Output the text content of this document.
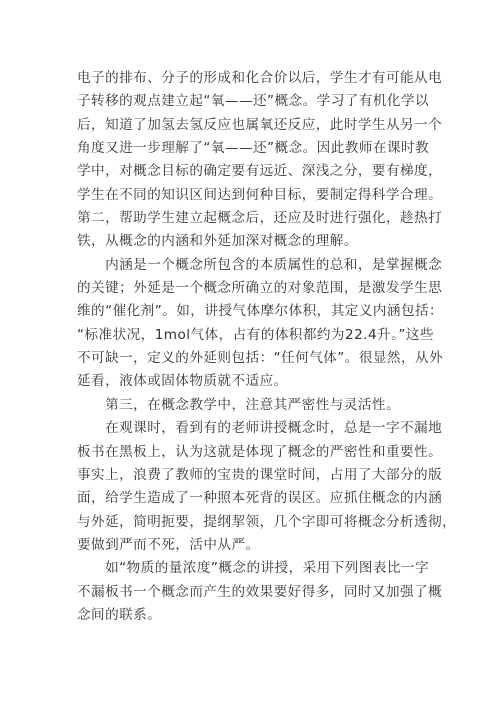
电子的排布、分子的形成和化合价以后，学生才有可能从电
子转移的观点建立起“氧——还”概念。学习了有机化学以
后，知道了加氢去氢反应也属氧还反应，此时学生从另一个
角度又进一步理解了“氧——还”概念。因此教师在课时教
学中，对概念目标的确定要有远近、深浅之分，要有梯度，
学生在不同的知识区间达到何种目标，要制定得科学合理。
第二，帮助学生建立起概念后，还应及时进行强化，趁热打
铁，从概念的内涵和外延加深对概念的理解。
　　内涵是一个概念所包含的本质属性的总和，是掌握概念
的关键；外延是一个概念所确立的对象范围，是激发学生思
维的“催化剂”。如，讲授气体摩尔体积，其定义内涵包括：
“标准状况，1mol气体，占有的体积都约为22.4升。”这些
不可缺一，定义的外延则包括：“任何气体”。很显然，从外
延看，液体或固体物质就不适应。
　　第三，在概念教学中，注意其严密性与灵活性。
　　在观课时，看到有的老师讲授概念时，总是一字不漏地
板书在黑板上，认为这就是体现了概念的严密性和重要性。
事实上，浪费了教师的宝贵的课堂时间，占用了大部分的版
面，给学生造成了一种照本死背的误区。应抓住概念的内涵
与外延，简明扼要，提纲挈领，几个字即可将概念分析透彻，
要做到严而不死，活中从严。
　　如“物质的量浓度”概念的讲授，采用下列图表比一字
不漏板书一个概念而产生的效果要好得多，同时又加强了概
念间的联系。
